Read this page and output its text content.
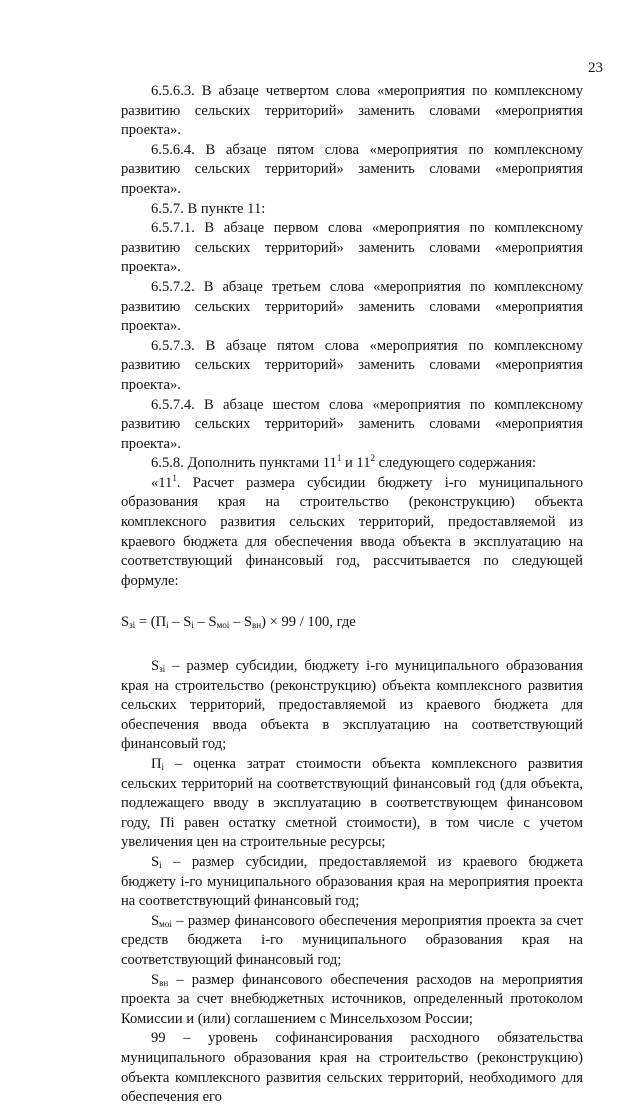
23

6.5.6.3. В абзаце четвертом слова «мероприятия по комплексному развитию сельских территорий» заменить словами «мероприятия проекта».

6.5.6.4. В абзаце пятом слова «мероприятия по комплексному развитию сельских территорий» заменить словами «мероприятия проекта».

6.5.7. В пункте 11:

6.5.7.1. В абзаце первом слова «мероприятия по комплексному развитию сельских территорий» заменить словами «мероприятия проекта».

6.5.7.2. В абзаце третьем слова «мероприятия по комплексному развитию сельских территорий» заменить словами «мероприятия проекта».

6.5.7.3. В абзаце пятом слова «мероприятия по комплексному развитию сельских территорий» заменить словами «мероприятия проекта».

6.5.7.4. В абзаце шестом слова «мероприятия по комплексному развитию сельских территорий» заменить словами «мероприятия проекта».

6.5.8. Дополнить пунктами $11^1$ и $11^2$ следующего содержания:

«$11^1$. Расчет размера субсидии бюджету i-го муниципального образования края на строительство (реконструкцию) объекта комплексного развития сельских территорий, предоставляемой из краевого бюджета для обеспечения ввода объекта в эксплуатацию на соответствующий финансовый год, рассчитывается по следующей формуле:

$S_{зi} = (П_i - S_i - S_{мoi} - S_{вн}) \times 99 / 100$, где

$S_{зi}$ – размер субсидии, бюджету i-го муниципального образования края на строительство (реконструкцию) объекта комплексного развития сельских территорий, предоставляемой из краевого бюджета для обеспечения ввода объекта в эксплуатацию на соответствующий финансовый год;

$П_i$ – оценка затрат стоимости объекта комплексного развития сельских территорий на соответствующий финансовый год (для объекта, подлежащего вводу в эксплуатацию в соответствующем финансовом году, Пi равен остатку сметной стоимости), в том числе с учетом увеличения цен на строительные ресурсы;

$S_i$ – размер субсидии, предоставляемой из краевого бюджета бюджету i-го муниципального образования края на мероприятия проекта на соответствующий финансовый год;

$S_{мoi}$ – размер финансового обеспечения мероприятия проекта за счет средств бюджета i-го муниципального образования края на соответствующий финансовый год;

$S_{вн}$ – размер финансового обеспечения расходов на мероприятия проекта за счет внебюджетных источников, определенный протоколом Комиссии и (или) соглашением с Минсельхозом России;

99 – уровень софинансирования расходного обязательства муниципального образования края на строительство (реконструкцию) объекта комплексного развития сельских территорий, необходимого для обеспечения его
